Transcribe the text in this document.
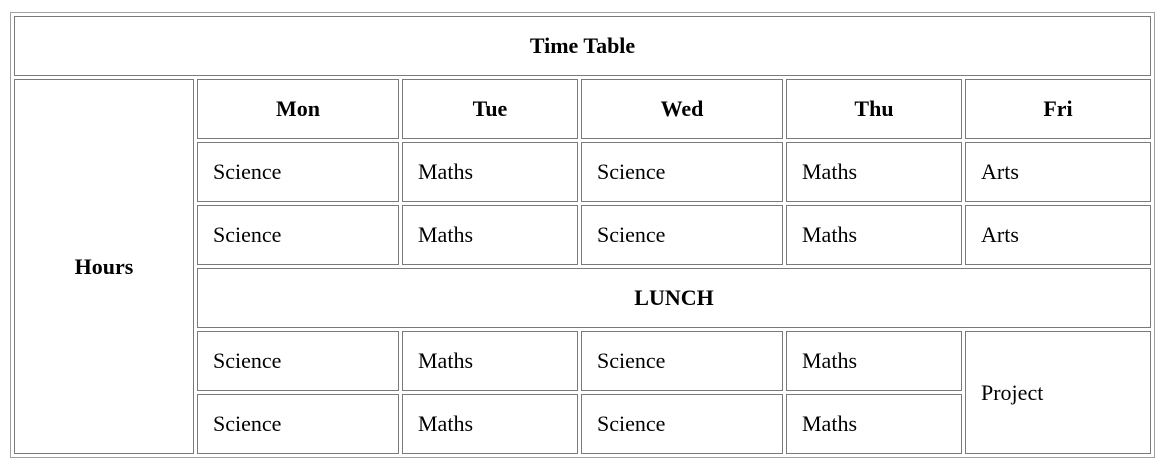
Time Table					
Hours	Mon	Tue	Wed	Thu	Fri
	Science	Maths	Science	Maths	Arts
	Science	Maths	Science	Maths	Arts
	LUNCH				
	Science	Maths	Science	Maths	Project
	Science	Maths	Science	Maths	
